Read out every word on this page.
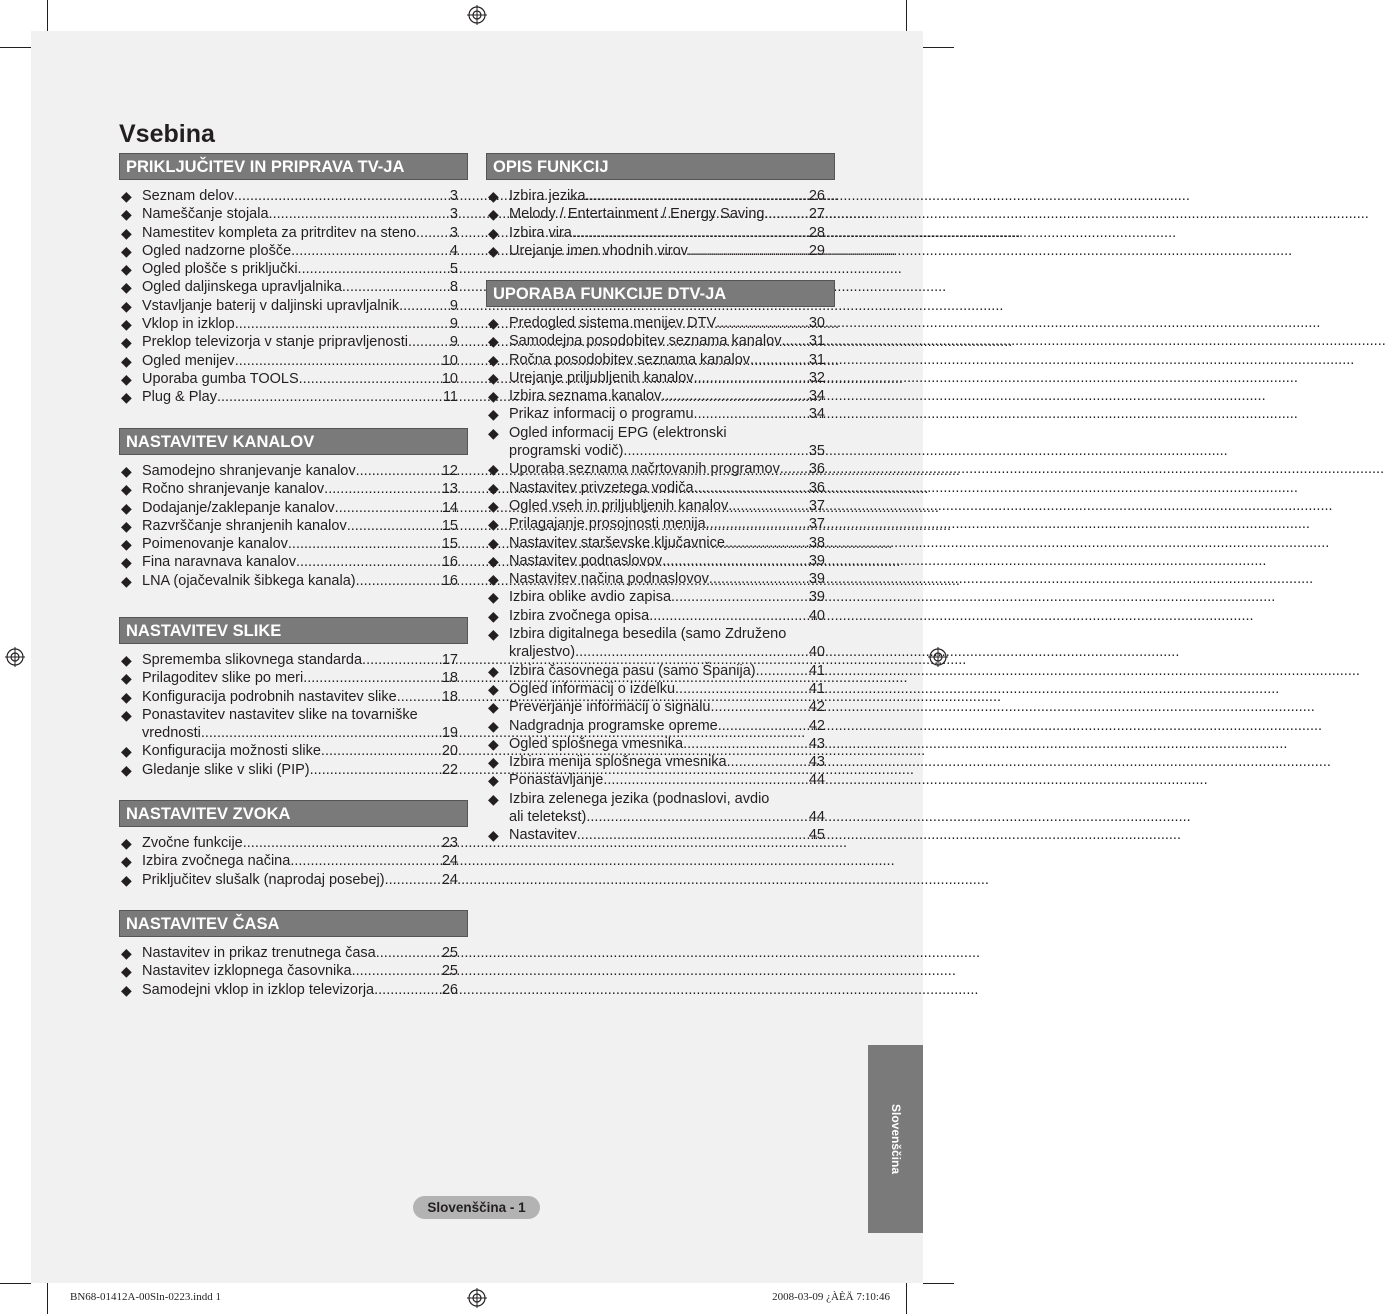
Vsebina
PRIKLJUČITEV IN PRIPRAVA TV-JA
◆ Seznam delov .....	3
◆ Nameščanje stojala .....	3
◆ Namestitev kompleta za pritrditev na steno ..... 3
◆ Ogled nadzorne plošče .....	4
◆ Ogled plošče s priključki .....	5
◆ Ogled daljinskega upravljalnika .....	8
◆ Vstavljanje baterij v daljinski upravljalnik .....	9
◆ Vklop in izklop .....	9
◆ Preklop televizorja v stanje pripravljenosti .....	9
◆ Ogled menijev .....	10
◆ Uporaba gumba TOOLS .....	10
◆ Plug & Play .....	11
NASTAVITEV KANALOV
◆ Samodejno shranjevanje kanalov .....	12
◆ Ročno shranjevanje kanalov .....	13
◆ Dodajanje/zaklepanje kanalov .....	14
◆ Razvrščanje shranjenih kanalov .....	15
◆ Poimenovanje kanalov .....	15
◆ Fina naravnava kanalov .....	16
◆ LNA (ojačevalnik šibkega kanala) .....	16
NASTAVITEV SLIKE
◆ Sprememba slikovnega standarda .....	17
◆ Prilagoditev slike po meri .....	18
◆ Konfiguracija podrobnih nastavitev slike .....	18
◆ Ponastavitev nastavitev slike na tovarniške
vrednosti .....	19
◆ Konfiguracija možnosti slike .....	20
◆ Gledanje slike v sliki (PIP) .....	22
NASTAVITEV ZVOKA
◆ Zvočne funkcije .....	23
◆ Izbira zvočnega načina .....	24
◆ Priključitev slušalk (naprodaj posebej) .....	24
NASTAVITEV ČASA
◆ Nastavitev in prikaz trenutnega časa .....	25
◆ Nastavitev izklopnega časovnika .....	25
◆ Samodejni vklop in izklop televizorja .....	26
OPIS FUNKCIJ
◆ Izbira jezika .....	26
◆ Melody / Entertainment / Energy Saving .....	27
◆ Izbira vira .....	28
◆ Urejanje imen vhodnih virov .....	29
UPORABA FUNKCIJE DTV-JA
◆ Predogled sistema menijev DTV .....	30
◆ Samodejna posodobitev seznama kanalov ..... 31
◆ Ročna posodobitev seznama kanalov .....	31
◆ Urejanje priljubljenih kanalov .....	32
◆ Izbira seznama kanalov .....	34
◆ Prikaz informacij o programu .....	34
◆ Ogled informacij EPG (elektronski
programski vodič) .....	35
◆ Uporaba seznama načrtovanih programov ..... 36
◆ Nastavitev privzetega vodiča .....	36
◆ Ogled vseh in priljubljenih kanalov .....	37
◆ Prilagajanje prosojnosti menija .....	37
◆ Nastavitev starševske ključavnice .....	38
◆ Nastavitev podnaslovov .....	39
◆ Nastavitev načina podnaslovov .....	39
◆ Izbira oblike avdio zapisa .....	39
◆ Izbira zvočnega opisa .....	40
◆ Izbira digitalnega besedila (samo Združeno
kraljestvo) .....	40
◆ Izbira časovnega pasu (samo Španija) .....	41
◆ Ogled informacij o izdelku .....	41
◆ Preverjanje informacij o signalu .....	42
◆ Nadgradnja programske opreme .....	42
◆ Ogled splošnega vmesnika .....	43
◆ Izbira menija splošnega vmesnika .....	43
◆ Ponastavljanje .....	44
◆ Izbira zelenega jezika (podnaslovi, avdio
ali teletekst) .....	44
◆ Nastavitev .....	45
Slovenščina
Slovenščina - 1
BN68-01412A-00Sln-0223.indd 1	2008-03-09 ¿ÀÈÄ 7:10:46
